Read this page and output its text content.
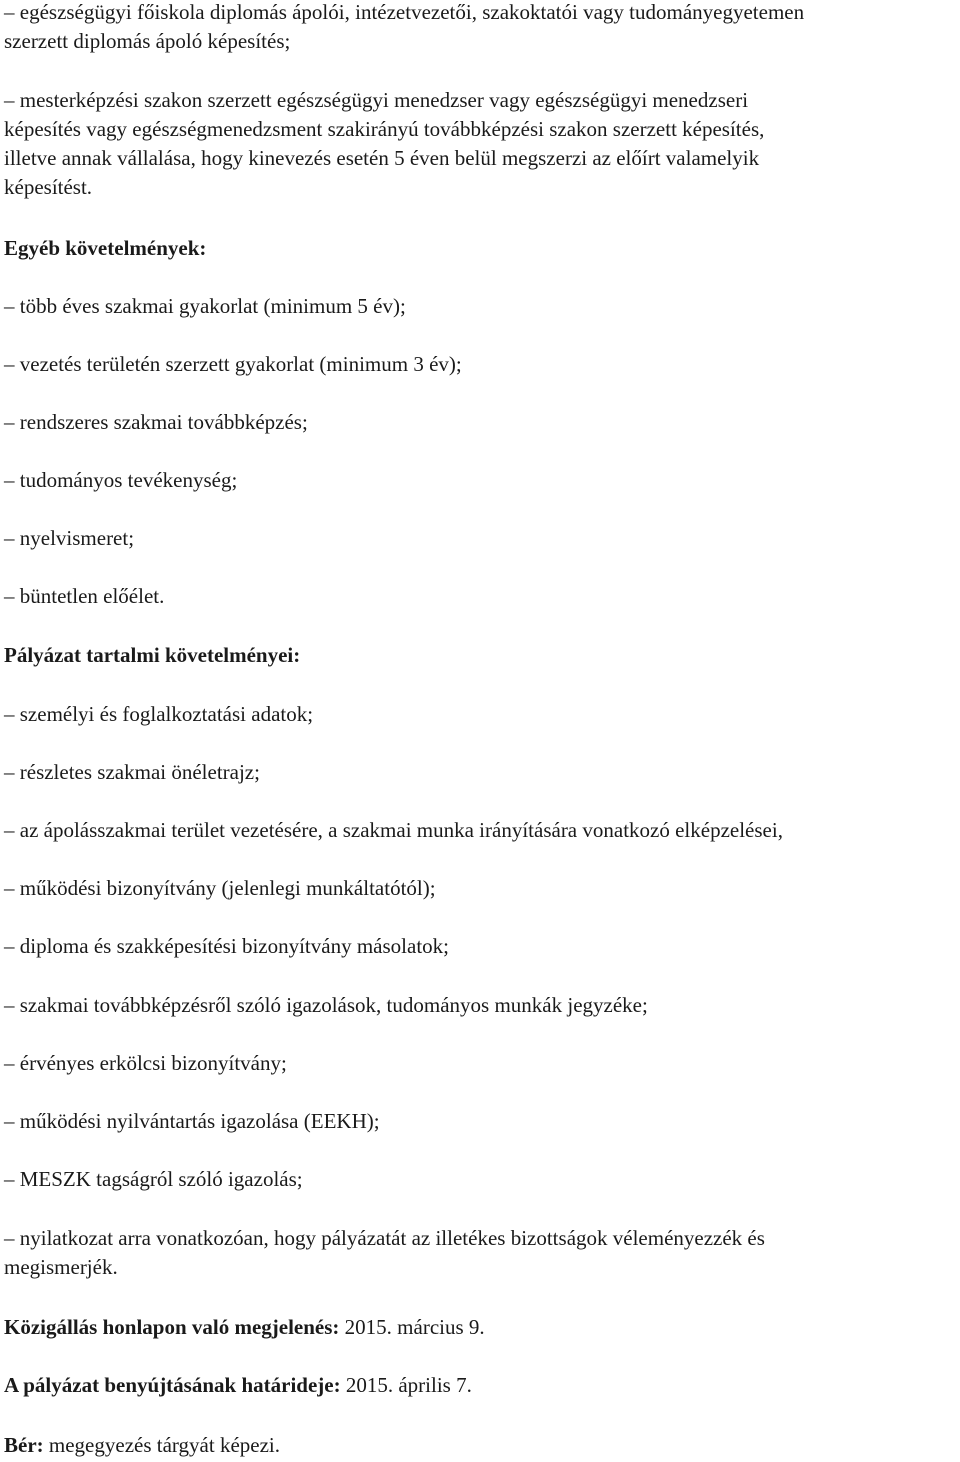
– egészségügyi főiskola diplomás ápolói, intézetvezetői, szakoktatói vagy tudományegyetemen
szerzett diplomás ápoló képesítés;
– mesterképzési szakon szerzett egészségügyi menedzser vagy egészségügyi menedzseri
képesítés vagy egészségmenedzsment szakirányú továbbképzési szakon szerzett képesítés,
illetve annak vállalása, hogy kinevezés esetén 5 éven belül megszerzi az előírt valamelyik
képesítést.
Egyéb követelmények:
– több éves szakmai gyakorlat (minimum 5 év);
– vezetés területén szerzett gyakorlat (minimum 3 év);
– rendszeres szakmai továbbképzés;
– tudományos tevékenység;
– nyelvismeret;
– büntetlen előélet.
Pályázat tartalmi követelményei:
– személyi és foglalkoztatási adatok;
– részletes szakmai önéletrajz;
– az ápolásszakmai terület vezetésére, a szakmai munka irányítására vonatkozó elképzelései,
– működési bizonyítvány (jelenlegi munkáltatótól);
– diploma és szakképesítési bizonyítvány másolatok;
– szakmai továbbképzésről szóló igazolások, tudományos munkák jegyzéke;
– érvényes erkölcsi bizonyítvány;
– működési nyilvántartás igazolása (EEKH);
– MESZK tagságról szóló igazolás;
– nyilatkozat arra vonatkozóan, hogy pályázatát az illetékes bizottságok véleményezzék és
megismerjék.
Közigállás honlapon való megjelenés: 2015. március 9.
A pályázat benyújtásának határideje: 2015. április 7.
Bér: megegyezés tárgyát képezi.
